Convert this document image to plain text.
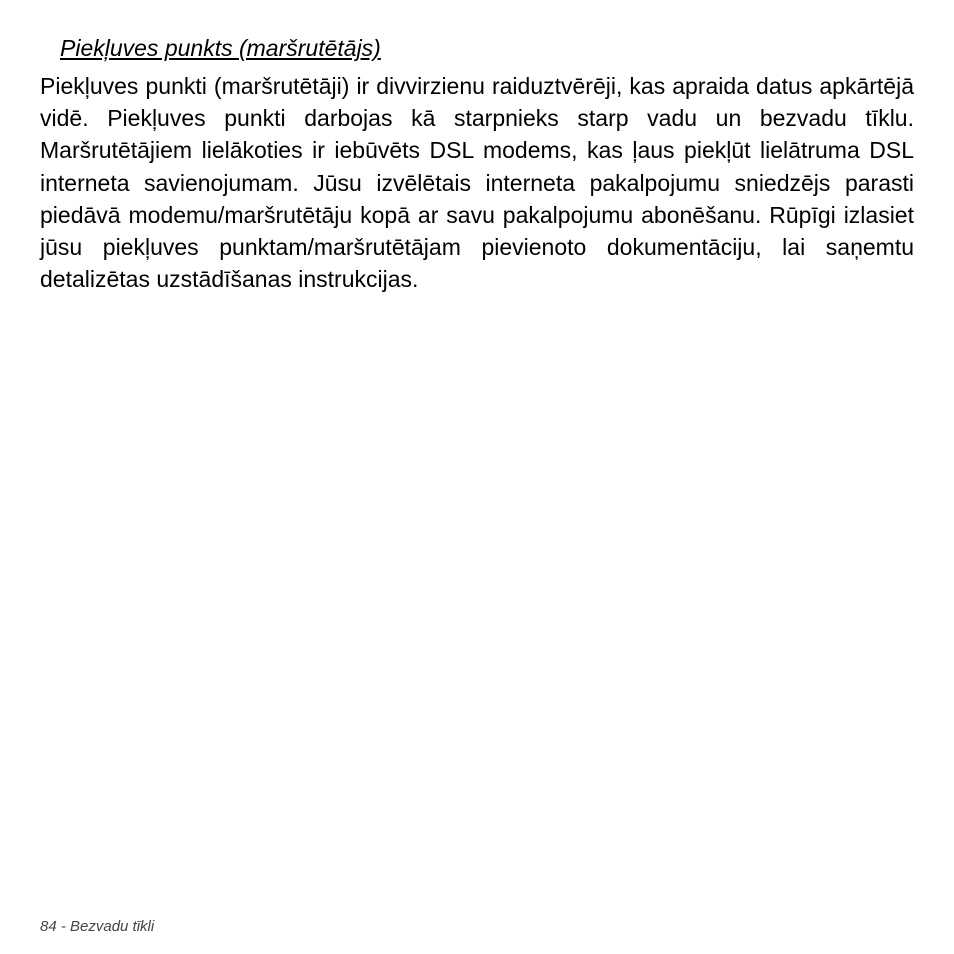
Piekļuves punkts (maršrutētājs)

Piekļuves punkti (maršrutētāji) ir divvirzienu raiduztvērēji, kas apraida datus apkārtējā vidē. Piekļuves punkti darbojas kā starpnieks starp vadu un bezvadu tīklu. Maršrutētājiem lielākoties ir iebūvēts DSL modems, kas ļaus piekļūt lielātruma DSL interneta savienojumam. Jūsu izvēlētais interneta pakalpojumu sniedzējs parasti piedāvā modemu/maršrutētāju kopā ar savu pakalpojumu abonēšanu. Rūpīgi izlasiet jūsu piekļuves punktam/maršrutētājam pievienoto dokumentāciju, lai saņemtu detalizētas uzstādīšanas instrukcijas.

84 - Bezvadu tīkli
